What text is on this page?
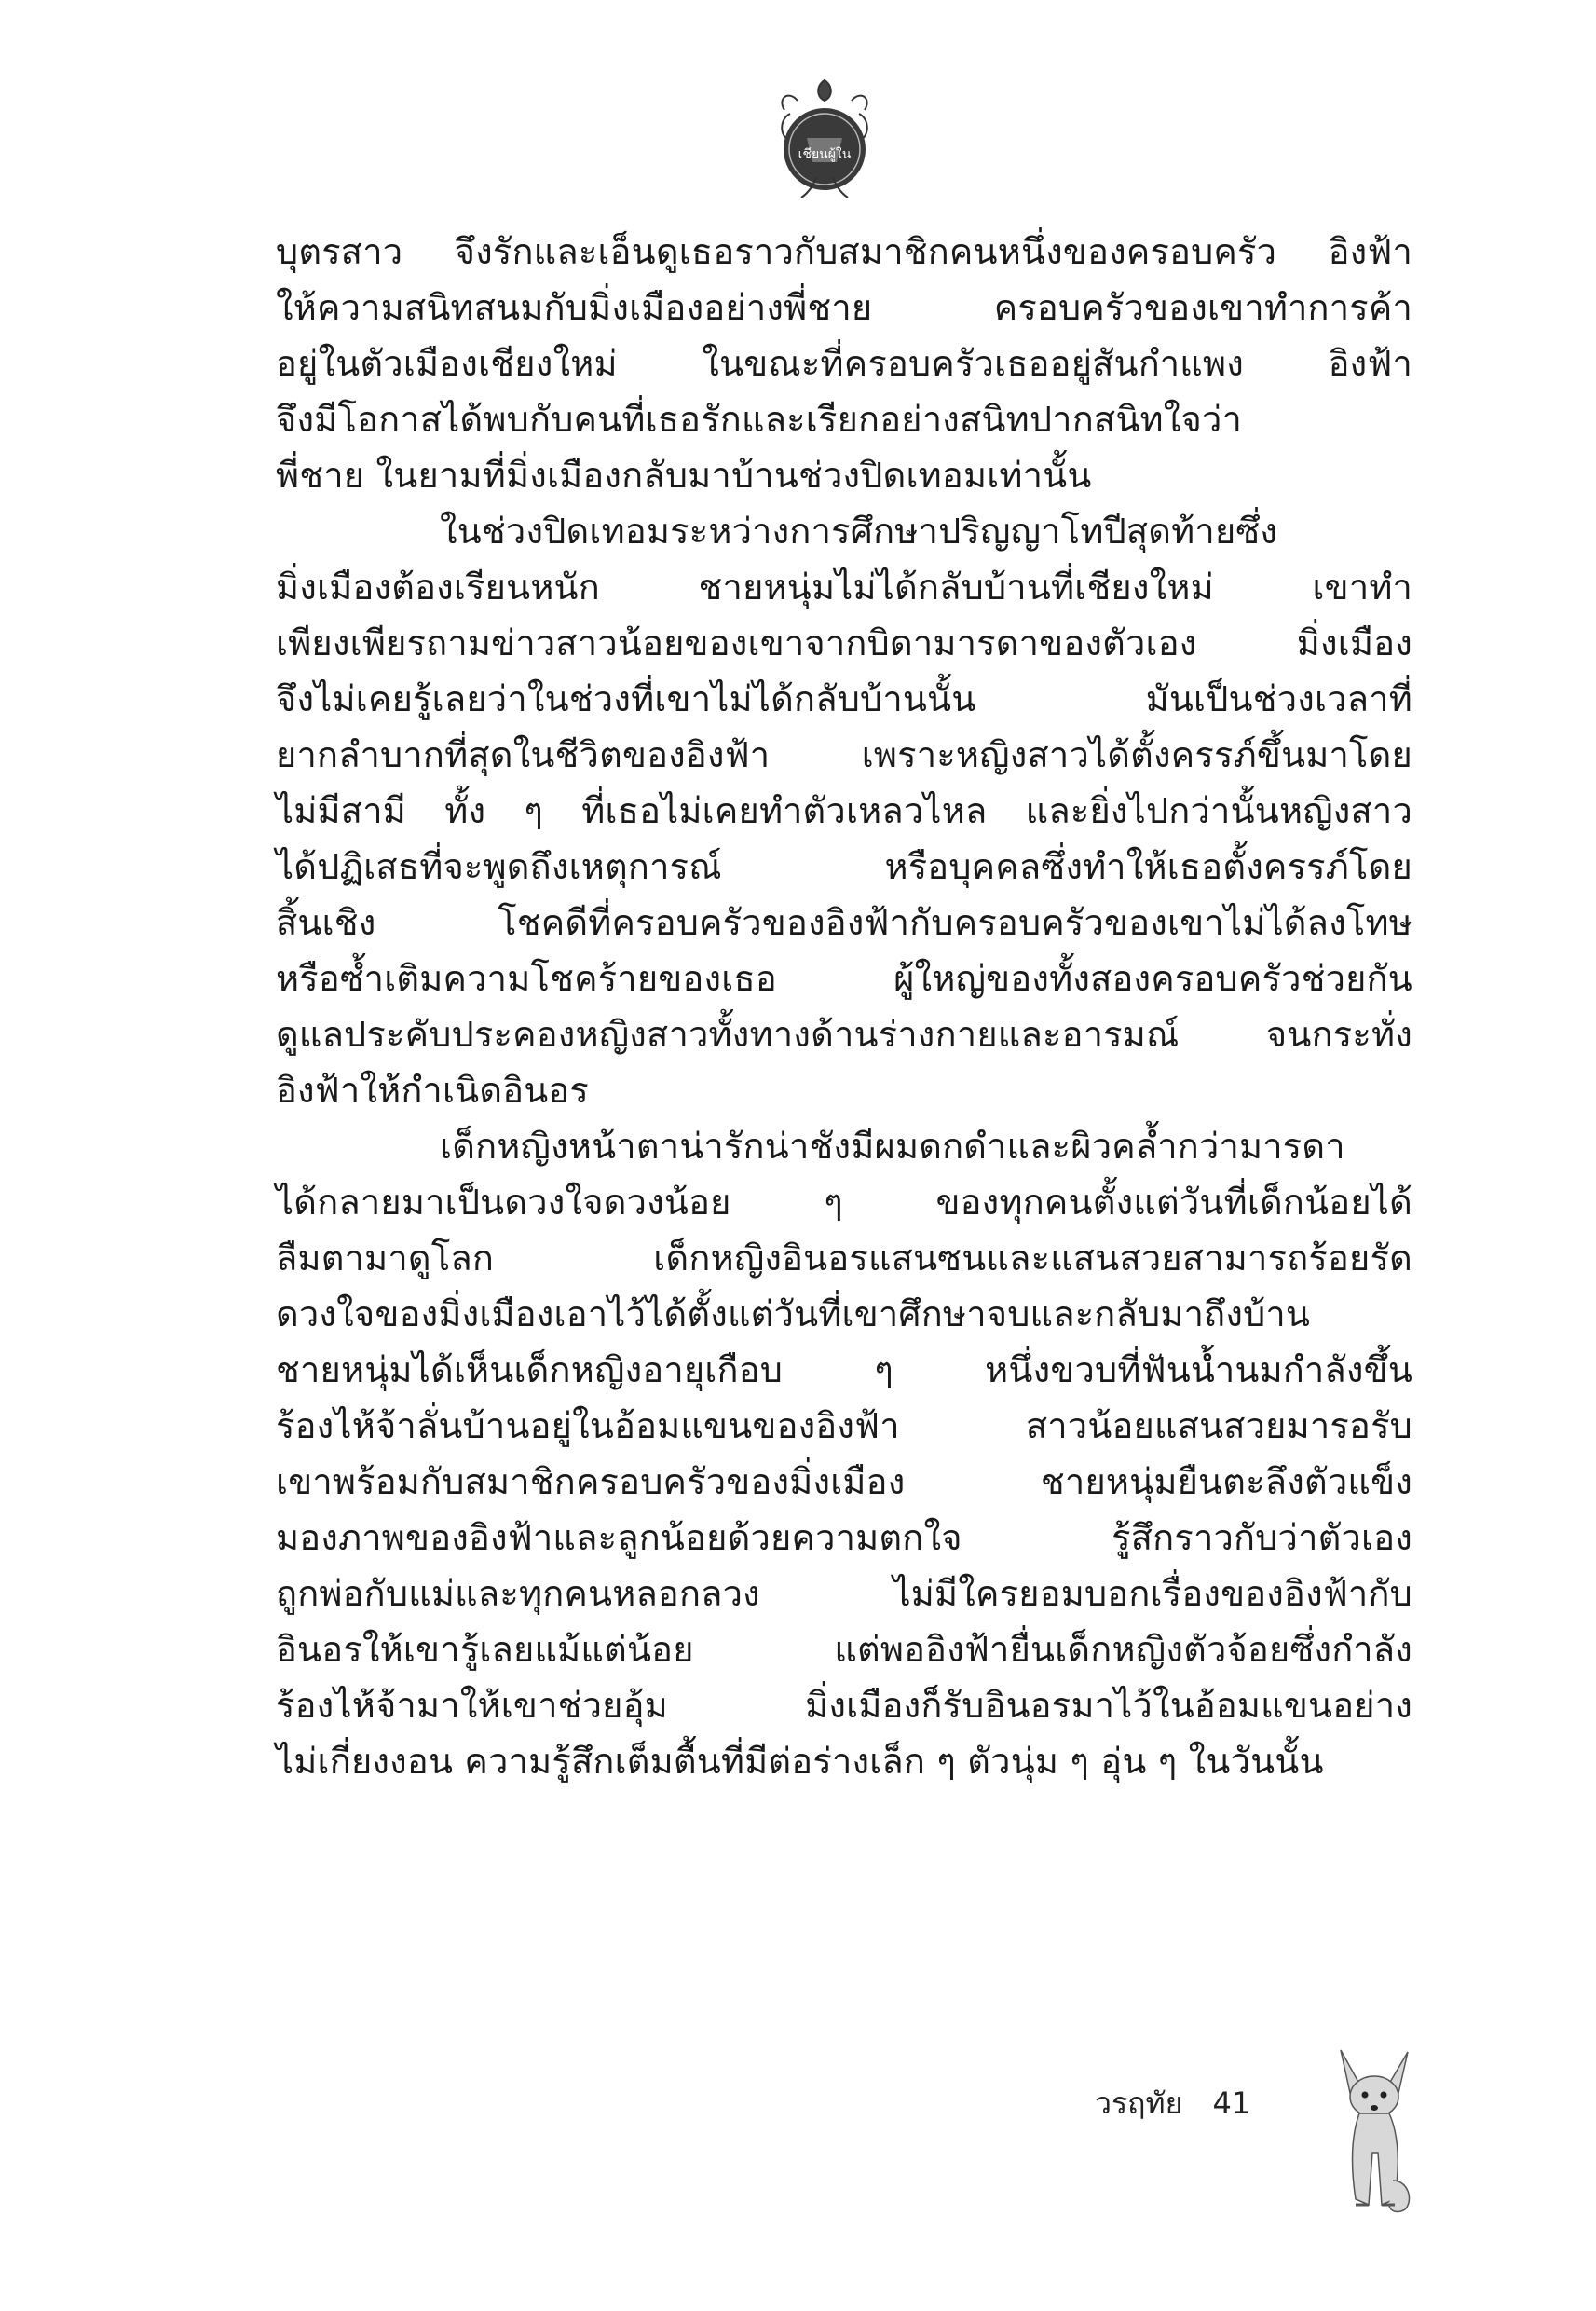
เชียนผู้ใน
บุตรสาว จึงรักและเอ็นดูเธอราวกับสมาชิกคนหนึ่งของครอบครัว อิงฟ้า
ให้ความสนิทสนมกับมิ่งเมืองอย่างพี่ชาย ครอบครัวของเขาทำการค้า
อยู่ในตัวเมืองเชียงใหม่ ในขณะที่ครอบครัวเธออยู่สันกำแพง อิงฟ้า
จึงมีโอกาสได้พบกับคนที่เธอรักและเรียกอย่างสนิทปากสนิทใจว่า
พี่ชาย ในยามที่มิ่งเมืองกลับมาบ้านช่วงปิดเทอมเท่านั้น
ในช่วงปิดเทอมระหว่างการศึกษาปริญญาโทปีสุดท้ายซึ่ง
มิ่งเมืองต้องเรียนหนัก ชายหนุ่มไม่ได้กลับบ้านที่เชียงใหม่ เขาทำ
เพียงเพียรถามข่าวสาวน้อยของเขาจากบิดามารดาของตัวเอง มิ่งเมือง
จึงไม่เคยรู้เลยว่าในช่วงที่เขาไม่ได้กลับบ้านนั้น มันเป็นช่วงเวลาที่
ยากลำบากที่สุดในชีวิตของอิงฟ้า เพราะหญิงสาวได้ตั้งครรภ์ขึ้นมาโดย
ไม่มีสามี ทั้ง ๆ ที่เธอไม่เคยทำตัวเหลวไหล และยิ่งไปกว่านั้นหญิงสาว
ได้ปฏิเสธที่จะพูดถึงเหตุการณ์ หรือบุคคลซึ่งทำให้เธอตั้งครรภ์โดย
สิ้นเชิง โชคดีที่ครอบครัวของอิงฟ้ากับครอบครัวของเขาไม่ได้ลงโทษ
หรือซ้ำเติมความโชคร้ายของเธอ ผู้ใหญ่ของทั้งสองครอบครัวช่วยกัน
ดูแลประคับประคองหญิงสาวทั้งทางด้านร่างกายและอารมณ์ จนกระทั่ง
อิงฟ้าให้กำเนิดอินอร
เด็กหญิงหน้าตาน่ารักน่าชังมีผมดกดำและผิวคล้ำกว่ามารดา
ได้กลายมาเป็นดวงใจดวงน้อย ๆ ของทุกคนตั้งแต่วันที่เด็กน้อยได้
ลืมตามาดูโลก เด็กหญิงอินอรแสนซนและแสนสวยสามารถร้อยรัด
ดวงใจของมิ่งเมืองเอาไว้ได้ตั้งแต่วันที่เขาศึกษาจบและกลับมาถึงบ้าน
ชายหนุ่มได้เห็นเด็กหญิงอายุเกือบ ๆ หนึ่งขวบที่ฟันน้ำนมกำลังขึ้น
ร้องไห้จ้าลั่นบ้านอยู่ในอ้อมแขนของอิงฟ้า สาวน้อยแสนสวยมารอรับ
เขาพร้อมกับสมาชิกครอบครัวของมิ่งเมือง ชายหนุ่มยืนตะลึงตัวแข็ง
มองภาพของอิงฟ้าและลูกน้อยด้วยความตกใจ รู้สึกราวกับว่าตัวเอง
ถูกพ่อกับแม่และทุกคนหลอกลวง ไม่มีใครยอมบอกเรื่องของอิงฟ้ากับ
อินอรให้เขารู้เลยแม้แต่น้อย แต่พออิงฟ้ายื่นเด็กหญิงตัวจ้อยซึ่งกำลัง
ร้องไห้จ้ามาให้เขาช่วยอุ้ม มิ่งเมืองก็รับอินอรมาไว้ในอ้อมแขนอย่าง
ไม่เกี่ยงงอน ความรู้สึกเต็มตื้นที่มีต่อร่างเล็ก ๆ ตัวนุ่ม ๆ อุ่น ๆ ในวันนั้น
วรฤทัย 41
